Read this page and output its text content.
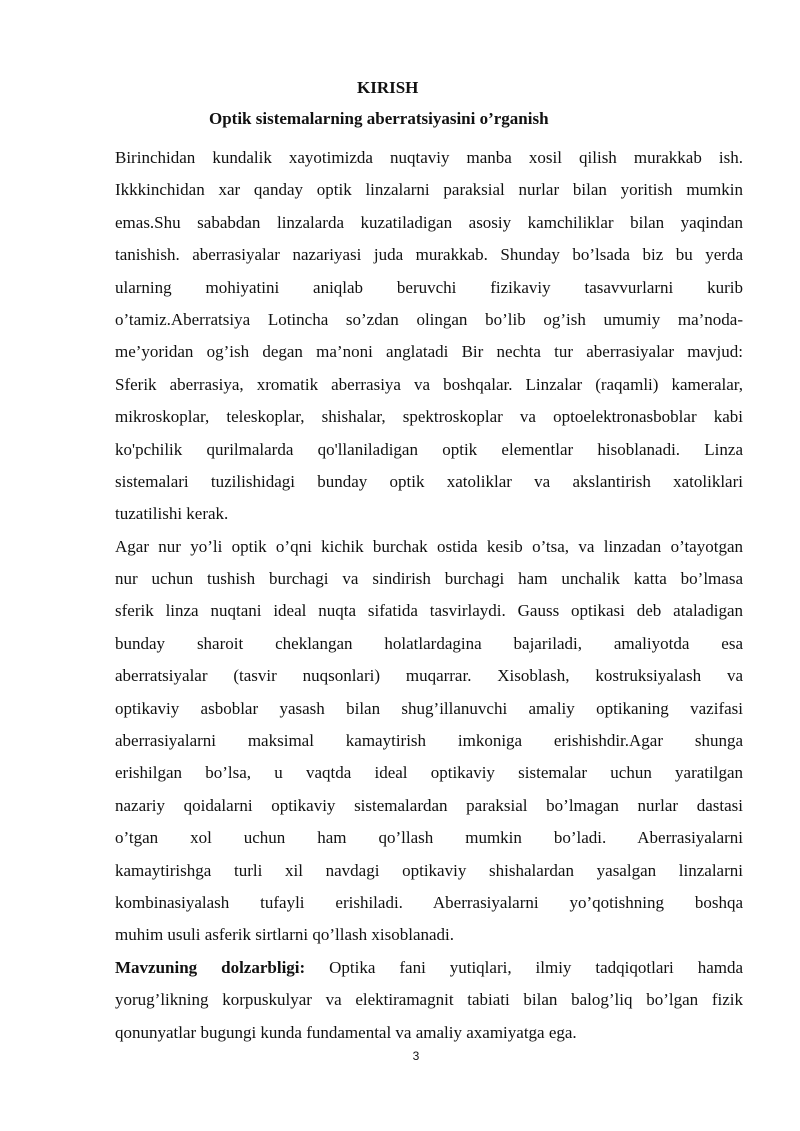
KIRISH
Optik sistemalarning aberratsiyasini o’rganish

Birinchidan kundalik xayotimizda nuqtaviy manba xosil qilish murakkab ish.
Ikkkinchidan xar qanday optik linzalarni paraksial nurlar bilan yoritish mumkin
emas.Shu sababdan linzalarda kuzatiladigan asosiy kamchiliklar bilan yaqindan
tanishish. aberrasiyalar nazariyasi juda murakkab. Shunday bo’lsada biz bu yerda
ularning mohiyatini aniqlab beruvchi fizikaviy tasavvurlarni kurib
o’tamiz.Aberratsiya Lotincha so’zdan olingan bo’lib og’ish umumiy ma’noda-
me’yoridan og’ish degan ma’noni anglatadi Bir nechta tur aberrasiyalar mavjud:
Sferik aberrasiya, xromatik aberrasiya va boshqalar. Linzalar (raqamli) kameralar,
mikroskoplar, teleskoplar, shishalar, spektroskoplar va optoelektronasboblar kabi
ko'pchilik qurilmalarda qo'llaniladigan optik elementlar hisoblanadi. Linza
sistemalari tuzilishidagi bunday optik xatoliklar va akslantirish xatoliklari
tuzatilishi kerak.

Agar nur yo’li optik o’qni kichik burchak ostida kesib o’tsa, va linzadan o’tayotgan
nur uchun tushish burchagi va sindirish burchagi ham unchalik katta bo’lmasa
sferik linza nuqtani ideal nuqta sifatida tasvirlaydi. Gauss optikasi deb ataladigan
bunday sharoit cheklangan holatlardagina bajariladi, amaliyotda esa
aberratsiyalar (tasvir nuqsonlari) muqarrar. Xisoblash, kostruksiyalash va
optikaviy asboblar yasash bilan shug’illanuvchi amaliy optikaning vazifasi
aberrasiyalarni maksimal kamaytirish imkoniga erishishdir.Agar shunga
erishilgan bo’lsa, u vaqtda ideal optikaviy sistemalar uchun yaratilgan
nazariy qoidalarni optikaviy sistemalardan paraksial bo’lmagan nurlar dastasi
o’tgan xol uchun ham qo’llash mumkin bo’ladi. Aberrasiyalarni
kamaytirishga turli xil navdagi optikaviy shishalardan yasalgan linzalarni
kombinasiyalash tufayli erishiladi. Aberrasiyalarni yo’qotishning boshqa
muhim usuli asferik sirtlarni qo’llash xisoblanadi.

Mavzuning dolzarbligi: Optika fani yutiqlari, ilmiy tadqiqotlari hamda
yorug’likning korpuskulyar va elektiramagnit tabiati bilan balog’liq bo’lgan fizik
qonunyatlar bugungi kunda fundamental va amaliy axamiyatga ega.

3
